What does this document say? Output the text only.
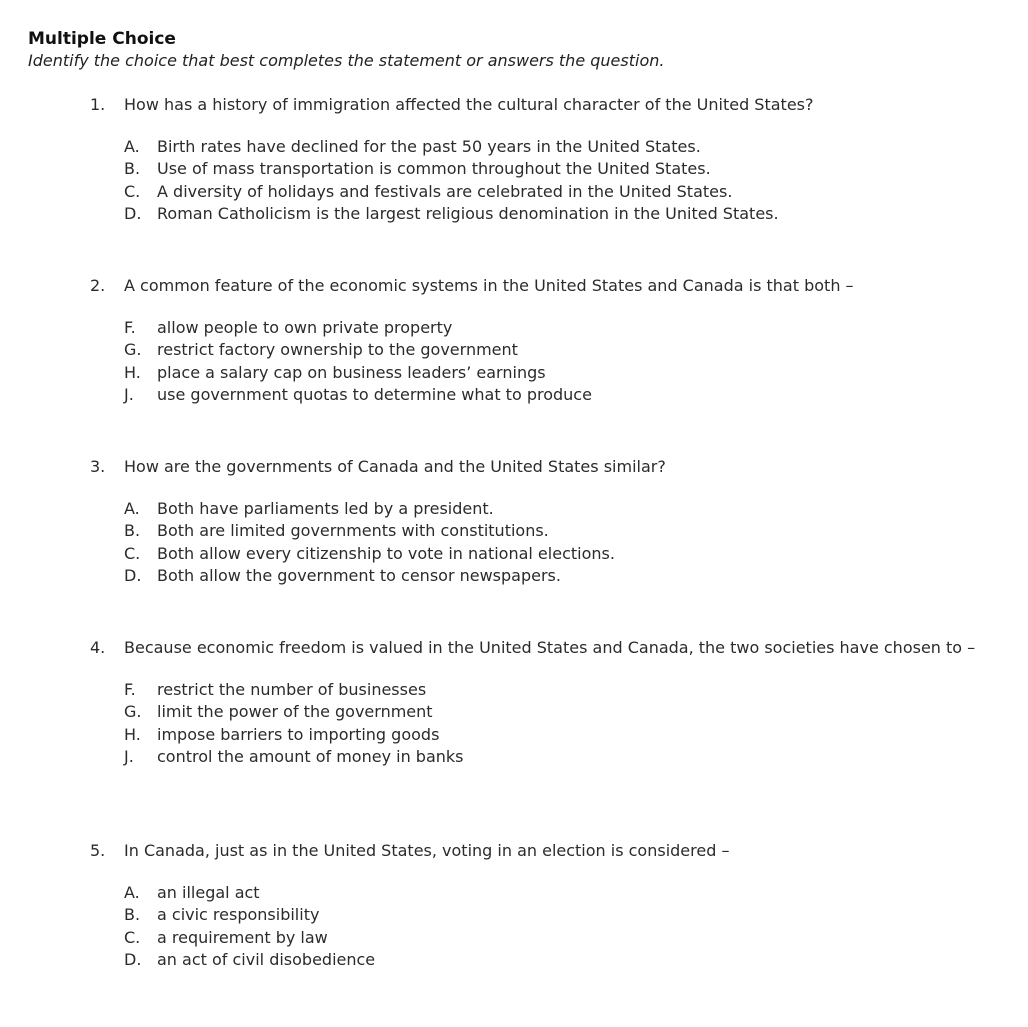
Multiple Choice
Identify the choice that best completes the statement or answers the question.
1.	How has a history of immigration affected the cultural character of the United States?
A.	Birth rates have declined for the past 50 years in the United States.
B.	Use of mass transportation is common throughout the United States.
C.	A diversity of holidays and festivals are celebrated in the United States.
D. Roman Catholicism is the largest religious denomination in the United States.
2.	A common feature of the economic systems in the United States and Canada is that both –
F.	allow people to own private property
G. restrict factory ownership to the government
H.	place a salary cap on business leaders’ earnings
J.	use government quotas to determine what to produce
3.	How are the governments of Canada and the United States similar?
A.	Both have parliaments led by a president.
B.	Both are limited governments with constitutions.
C.	Both allow every citizenship to vote in national elections.
D. Both allow the government to censor newspapers.
4.	Because economic freedom is valued in the United States and Canada, the two societies have chosen to –
F.	restrict the number of businesses
G. limit the power of the government
H.	impose barriers to importing goods
J.	control the amount of money in banks
5.	In Canada, just as in the United States, voting in an election is considered –
A.	an illegal act
B.	a civic responsibility
C.	a requirement by law
D. an act of civil disobedience
